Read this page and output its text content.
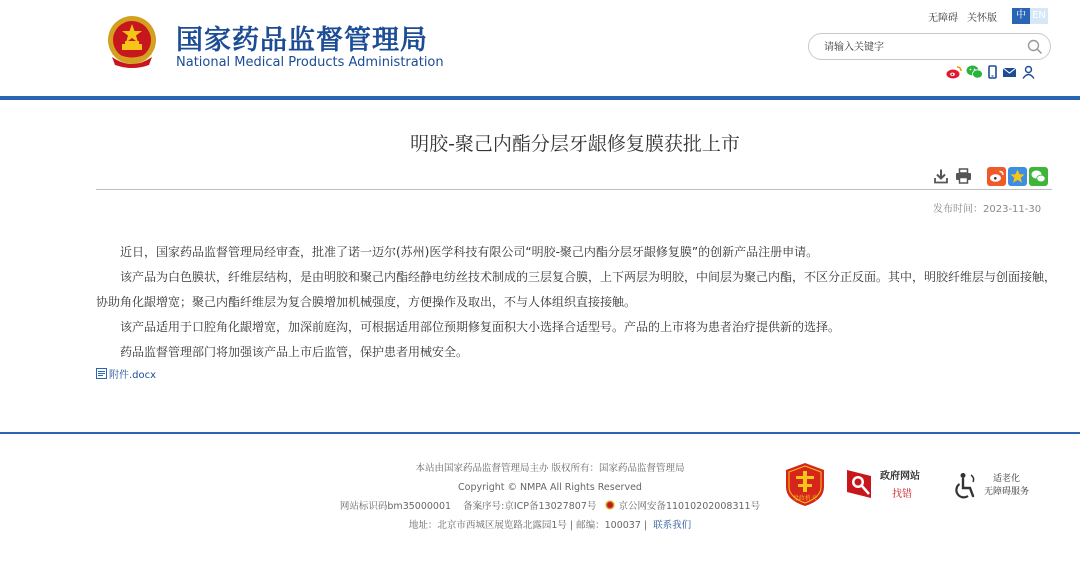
国家药品监督管理局
National Medical Products Administration
无障碍 关怀版	中 EN
请输入关键字
明胶-聚己内酯分层牙龈修复膜获批上市
发布时间：2023-11-30

近日，国家药品监督管理局经审查，批准了诺一迈尔(苏州)医学科技有限公司“明胶-聚己内酯分层牙龈修复膜”的创新产品注册申请。

该产品为白色膜状，纤维层结构，是由明胶和聚己内酯经静电纺丝技术制成的三层复合膜，上下两层为明胶，中间层为聚己内酯，不区分正反面。其中，明胶纤维层与创面接触，协助角化龈增宽；聚己内酯纤维层为复合膜增加机械强度，方便操作及取出，不与人体组织直接接触。

该产品适用于口腔角化龈增宽，加深前庭沟，可根据适用部位预期修复面积大小选择合适型号。产品的上市将为患者治疗提供新的选择。

药品监督管理部门将加强该产品上市后监管，保护患者用械安全。

附件.docx
本站由国家药品监督管理局主办 版权所有：国家药品监督管理局
Copyright © NMPA All Rights Reserved
网站标识码bm35000001 备案序号:京ICP备13027807号 京公网安备11010202008311号
地址：北京市西城区展览路北露园1号 | 邮编：100037 | 联系我们
党政机关
政府网站
找错
适老化
无障碍服务
